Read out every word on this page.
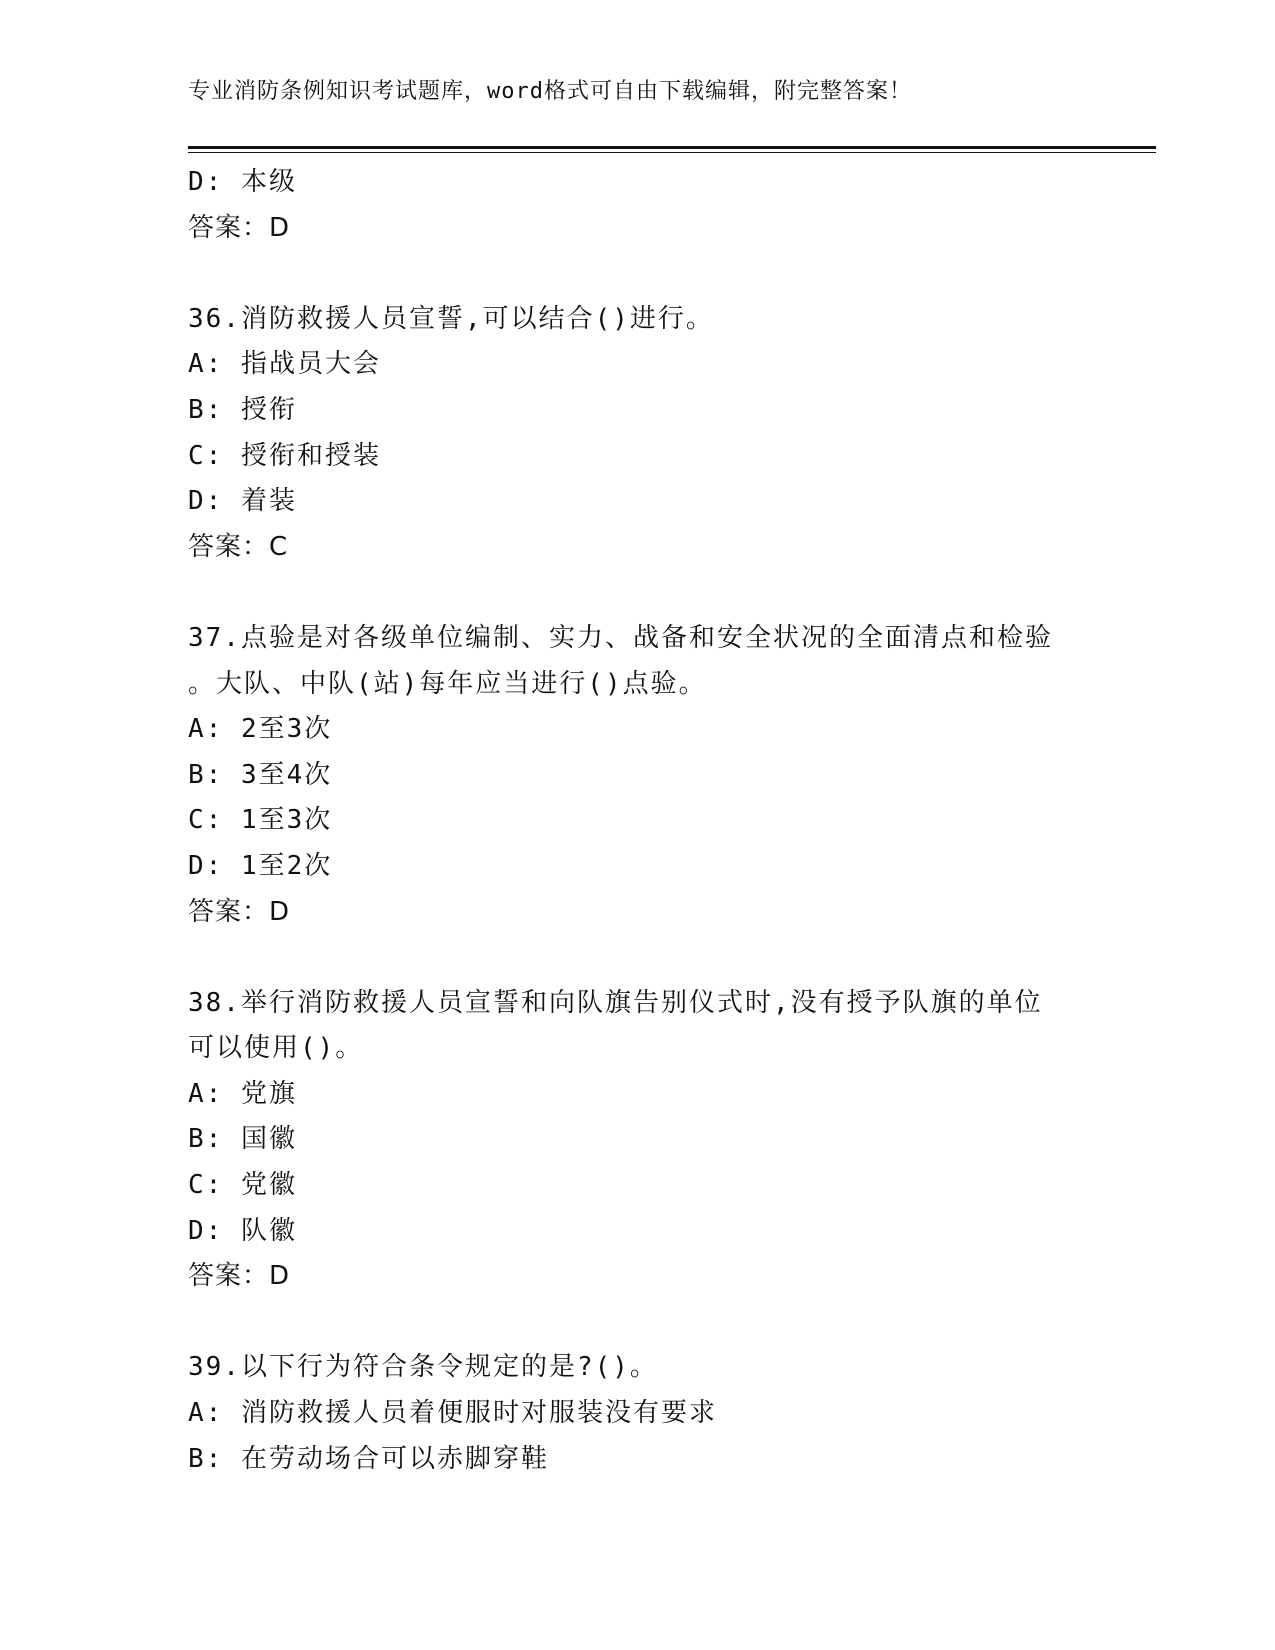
专业消防条例知识考试题库，word格式可自由下载编辑，附完整答案！
D: 本级
答案：D
36.消防救援人员宣誓,可以结合()进行。
A: 指战员大会
B: 授衔
C: 授衔和授装
D: 着装
答案：C
37.点验是对各级单位编制、实力、战备和安全状况的全面清点和检验
。大队、中队(站)每年应当进行()点验。
A: 2至3次
B: 3至4次
C: 1至3次
D: 1至2次
答案：D
38.举行消防救援人员宣誓和向队旗告别仪式时,没有授予队旗的单位
可以使用()。
A: 党旗
B: 国徽
C: 党徽
D: 队徽
答案：D
39.以下行为符合条令规定的是?()。
A: 消防救援人员着便服时对服装没有要求
B: 在劳动场合可以赤脚穿鞋
